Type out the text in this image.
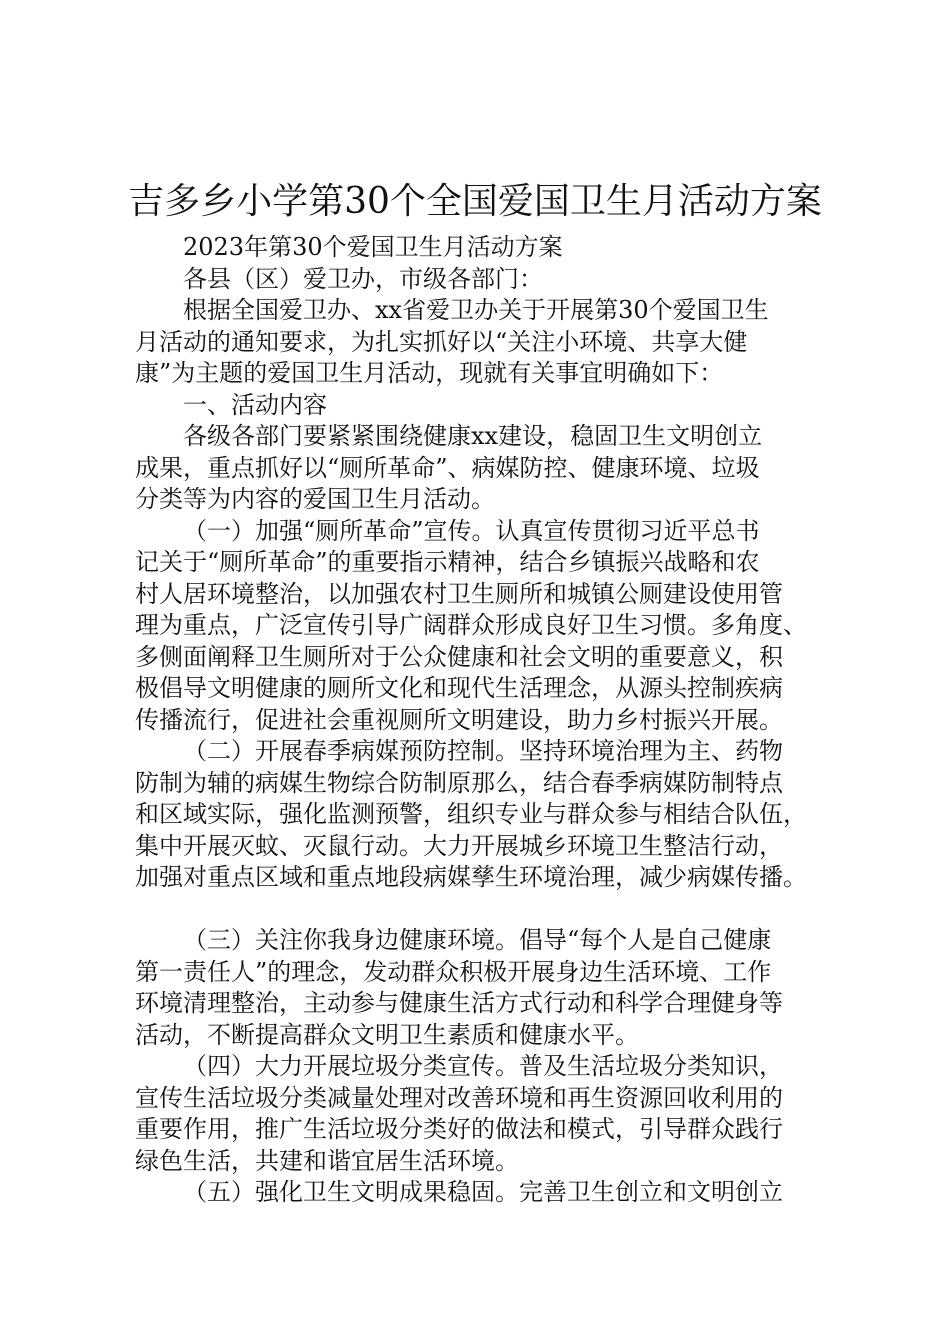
吉多乡小学第30个全国爱国卫生月活动方案
2023年第30个爱国卫生月活动方案
各县（区）爱卫办，市级各部门：
根据全国爱卫办、xx省爱卫办关于开展第30个爱国卫生
月活动的通知要求，为扎实抓好以“关注小环境、共享大健
康”为主题的爱国卫生月活动，现就有关事宜明确如下：
一、活动内容
各级各部门要紧紧围绕健康xx建设，稳固卫生文明创立
成果，重点抓好以“厕所革命”、病媒防控、健康环境、垃圾
分类等为内容的爱国卫生月活动。
（一）加强“厕所革命”宣传。认真宣传贯彻习近平总书
记关于“厕所革命”的重要指示精神，结合乡镇振兴战略和农
村人居环境整治，以加强农村卫生厕所和城镇公厕建设使用管
理为重点，广泛宣传引导广阔群众形成良好卫生习惯。多角度、
多侧面阐释卫生厕所对于公众健康和社会文明的重要意义，积
极倡导文明健康的厕所文化和现代生活理念，从源头控制疾病
传播流行，促进社会重视厕所文明建设，助力乡村振兴开展。
（二）开展春季病媒预防控制。坚持环境治理为主、药物
防制为辅的病媒生物综合防制原那么，结合春季病媒防制特点
和区域实际，强化监测预警，组织专业与群众参与相结合队伍，
集中开展灭蚊、灭鼠行动。大力开展城乡环境卫生整洁行动，
加强对重点区域和重点地段病媒孳生环境治理，减少病媒传播。
（三）关注你我身边健康环境。倡导“每个人是自己健康
第一责任人”的理念，发动群众积极开展身边生活环境、工作
环境清理整治，主动参与健康生活方式行动和科学合理健身等
活动，不断提高群众文明卫生素质和健康水平。
（四）大力开展垃圾分类宣传。普及生活垃圾分类知识，
宣传生活垃圾分类减量处理对改善环境和再生资源回收利用的
重要作用，推广生活垃圾分类好的做法和模式，引导群众践行
绿色生活，共建和谐宜居生活环境。
（五）强化卫生文明成果稳固。完善卫生创立和文明创立
